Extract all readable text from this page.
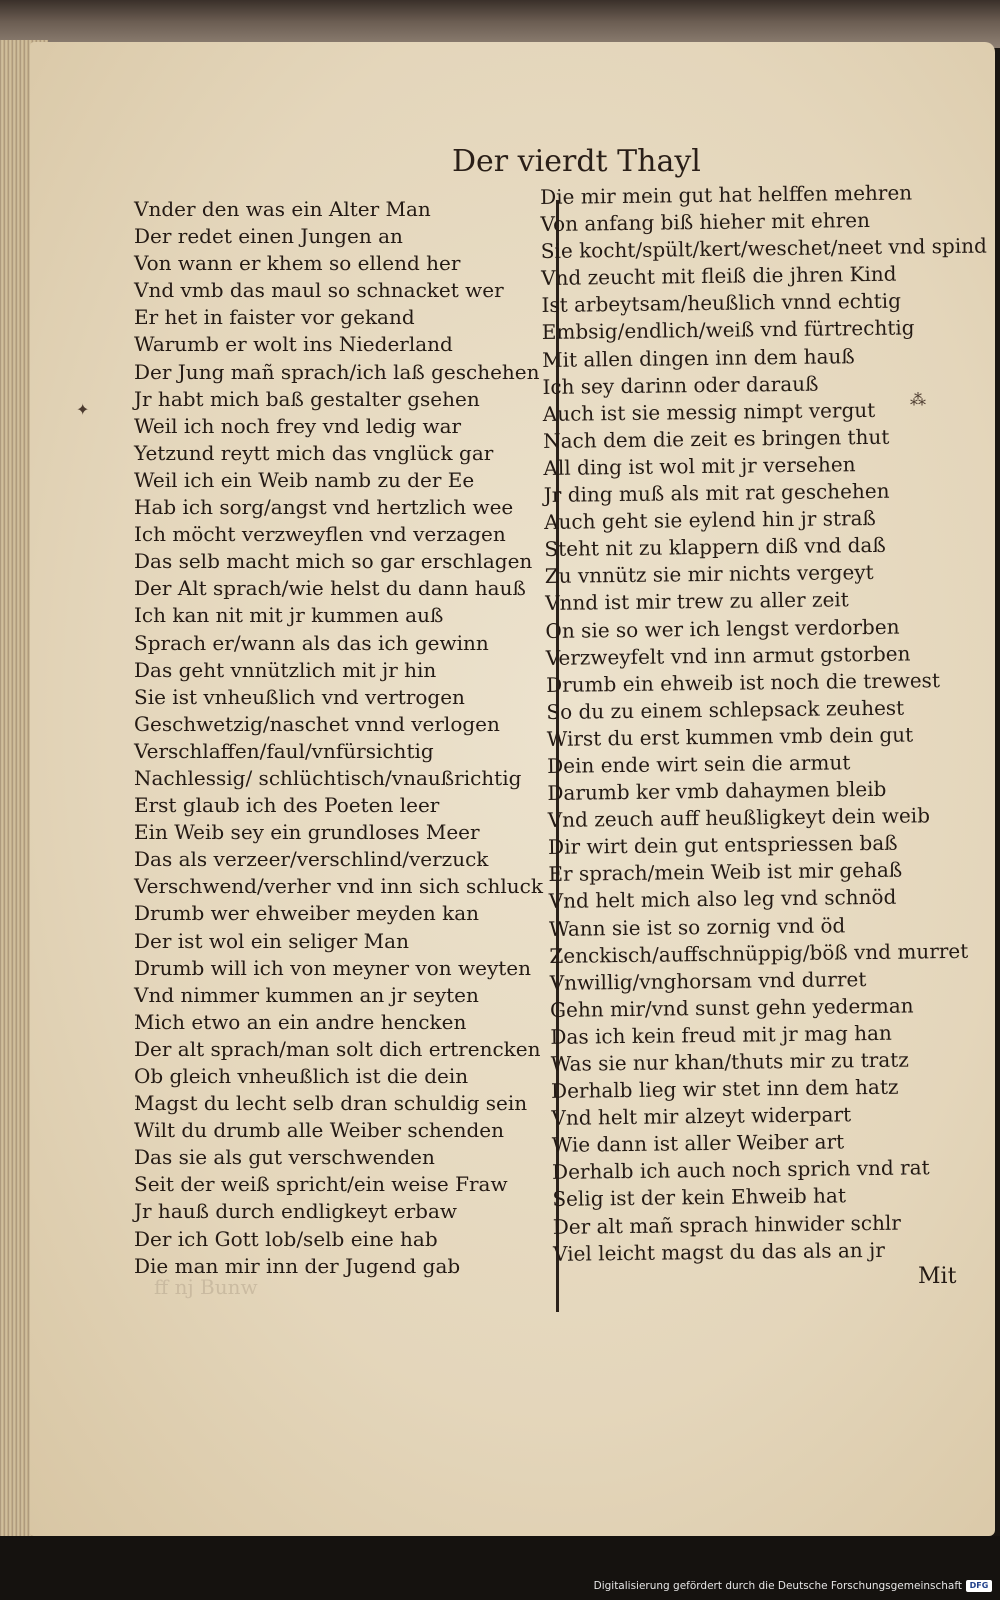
Der vierdt Thayl
ff nj Bunw
Vnder den was ein Alter Man
Der redet einen Jungen an
Von wann er khem so ellend her
Vnd vmb das maul so schnacket wer
Er het in faister vor gekand
Warumb er wolt ins Niederland
Der Jung mañ sprach/ich laß geschehen
Jr habt mich baß gestalter gsehen
Weil ich noch frey vnd ledig war
Yetzund reytt mich das vnglück gar
Weil ich ein Weib namb zu der Ee
Hab ich sorg/angst vnd hertzlich wee
Ich möcht verzweyflen vnd verzagen
Das selb macht mich so gar erschlagen
Der Alt sprach/wie helst du dann hauß
Ich kan nit mit jr kummen auß
Sprach er/wann als das ich gewinn
Das geht vnnützlich mit jr hin
Sie ist vnheußlich vnd vertrogen
Geschwetzig/naschet vnnd verlogen
Verschlaffen/faul/vnfürsichtig
Nachlessig/ schlüchtisch/vnaußrichtig
Erst glaub ich des Poeten leer
Ein Weib sey ein grundloses Meer
Das als verzeer/verschlind/verzuck
Verschwend/verher vnd inn sich schluck
Drumb wer ehweiber meyden kan
Der ist wol ein seliger Man
Drumb will ich von meyner von weyten
Vnd nimmer kummen an jr seyten
Mich etwo an ein andre hencken
Der alt sprach/man solt dich ertrencken
Ob gleich vnheußlich ist die dein
Magst du lecht selb dran schuldig sein
Wilt du drumb alle Weiber schenden
Das sie als gut verschwenden
Seit der weiß spricht/ein weise Fraw
Jr hauß durch endligkeyt erbaw
Der ich Gott lob/selb eine hab
Die man mir inn der Jugend gab
Die mir mein gut hat helffen mehren
Von anfang biß hieher mit ehren
Sie kocht/spült/kert/weschet/neet vnd spind
Vnd zeucht mit fleiß die jhren Kind
Ist arbeytsam/heußlich vnnd echtig
Embsig/endlich/weiß vnd fürtrechtig
Mit allen dingen inn dem hauß
Ich sey darinn oder darauß
Auch ist sie messig nimpt vergut
Nach dem die zeit es bringen thut
All ding ist wol mit jr versehen
Jr ding muß als mit rat geschehen
Auch geht sie eylend hin jr straß
Steht nit zu klappern diß vnd daß
Zu vnnütz sie mir nichts vergeyt
Vnnd ist mir trew zu aller zeit
On sie so wer ich lengst verdorben
Verzweyfelt vnd inn armut gstorben
Drumb ein ehweib ist noch die trewest
So du zu einem schlepsack zeuhest
Wirst du erst kummen vmb dein gut
Dein ende wirt sein die armut
Darumb ker vmb dahaymen bleib
Vnd zeuch auff heußligkeyt dein weib
Dir wirt dein gut entspriessen baß
Er sprach/mein Weib ist mir gehaß
Vnd helt mich also leg vnd schnöd
Wann sie ist so zornig vnd öd
Zenckisch/auffschnüppig/böß vnd murret
Vnwillig/vnghorsam vnd durret
Gehn mir/vnd sunst gehn yederman
Das ich kein freud mit jr mag han
Was sie nur khan/thuts mir zu tratz
Derhalb lieg wir stet inn dem hatz
Vnd helt mir alzeyt widerpart
Wie dann ist aller Weiber art
Derhalb ich auch noch sprich vnd rat
Selig ist der kein Ehweib hat
Der alt mañ sprach hinwider schlr
Viel leicht magst du das als an jr
✦
⁂
Mit
Digitalisierung gefördert durch die Deutsche Forschungsgemeinschaft DFG
